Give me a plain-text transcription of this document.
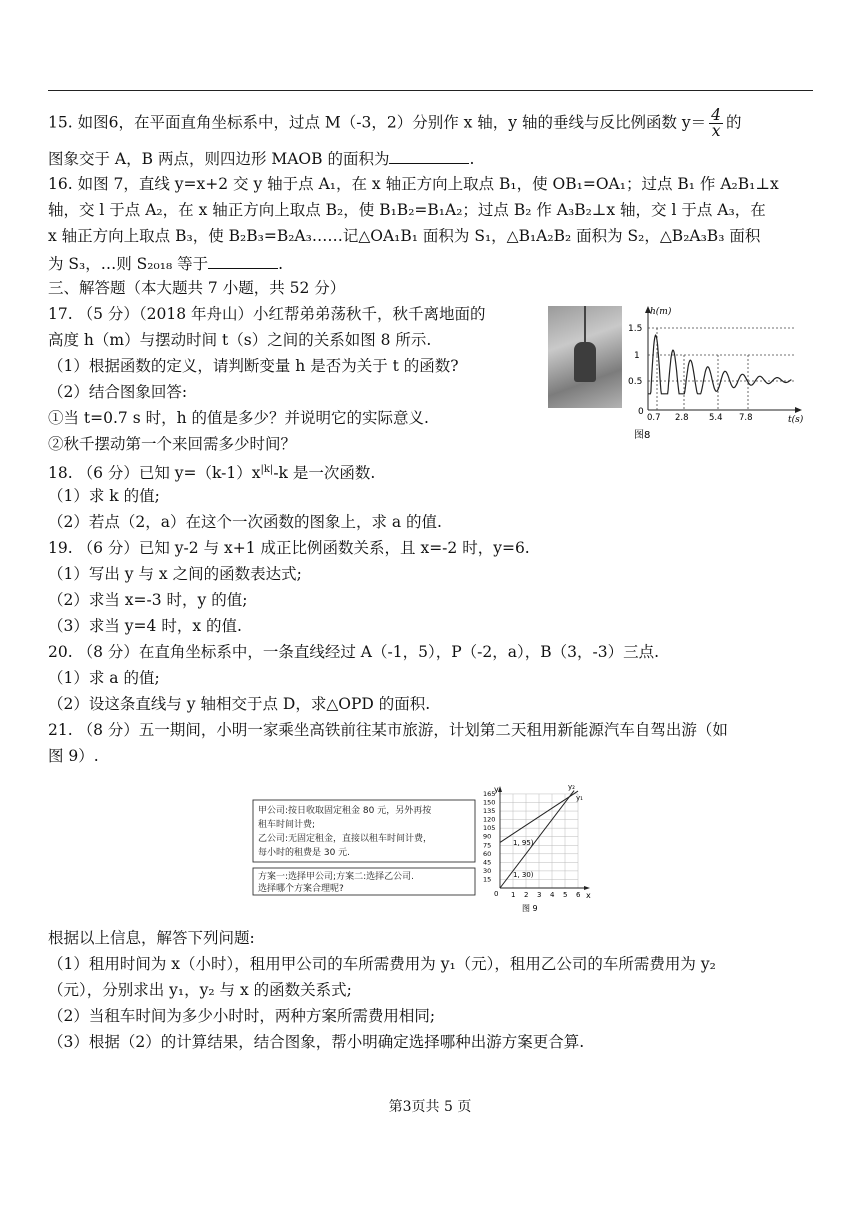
15. 如图6，在平面直角坐标系中，过点 M（-3，2）分别作 x 轴，y 轴的垂线与反比例函数 $y= \frac{4}{x}$ 的
图象交于 A，B 两点，则四边形 MAOB 的面积为	.
16. 如图 7，直线 y=x+2 交 y 轴于点 A₁，在 x 轴正方向上取点 B₁，使 OB₁=OA₁；过点 B₁ 作 A₂B₁⊥x
轴，交 l 于点 A₂，在 x 轴正方向上取点 B₂，使 B₁B₂=B₁A₂；过点 B₂ 作 A₃B₂⊥x 轴，交 l 于点 A₃，在
x 轴正方向上取点 B₃，使 B₂B₃=B₂A₃……记△OA₁B₁ 面积为 S₁，△B₁A₂B₂ 面积为 S₂，△B₂A₃B₃ 面积
为 S₃，…则 S₂₀₁₈ 等于	.
三、解答题（本大题共 7 小题，共 52 分）
17. （5 分）（2018 年舟山）小红帮弟弟荡秋千，秋千离地面的
高度 h（m）与摆动时间 t（s）之间的关系如图 8 所示.
（1）根据函数的定义，请判断变量 h 是否为关于 t 的函数?
（2）结合图象回答:
①当 t=0.7 s 时，h 的值是多少？并说明它的实际意义.
②秋千摆动第一个来回需多少时间？
h(m)
t(s)
1.5
1
0.5
0
0.7 2.8 5.4 7.8
图8
18. （6 分）已知 $y=(k-1)x^{|k|}-k$ 是一次函数.
（1）求 k 的值;
（2）若点（2，a）在这个一次函数的图象上，求 a 的值.
19. （6 分）已知 y-2 与 x+1 成正比例函数关系，且 x=-2 时，y=6.
（1）写出 y 与 x 之间的函数表达式;
（2）求当 x=-3 时，y 的值;
（3）求当 y=4 时，x 的值.
20. （8 分）在直角坐标系中，一条直线经过 A（-1，5），P（-2，a），B（3，-3）三点.
（1）求 a 的值;
（2）设这条直线与 y 轴相交于点 D，求△OPD 的面积.
21. （8 分）五一期间，小明一家乘坐高铁前往某市旅游，计划第二天租用新能源汽车自驾出游（如
图 9）.
甲公司:按日收取固定租金 80 元，另外再按
租车时间计费;
乙公司:无固定租金，直接以租车时间计费，
每小时的租费是 30 元.
方案一:选择甲公司;方案二:选择乙公司.
选择哪个方案合理呢?
y
x
0
165
150
135
120
105
90
75
60
45
30
15
1 2 3 4 5 6
y₁
y₂
1, 95)
1, 30)
图 9
根据以上信息，解答下列问题:
（1）租用时间为 x（小时），租用甲公司的车所需费用为 y₁（元），租用乙公司的车所需费用为 y₂
（元），分别求出 y₁，y₂ 与 x 的函数关系式;
（2）当租车时间为多少小时时，两种方案所需费用相同;
（3）根据（2）的计算结果，结合图象，帮小明确定选择哪种出游方案更合算.
第3页共 5 页
